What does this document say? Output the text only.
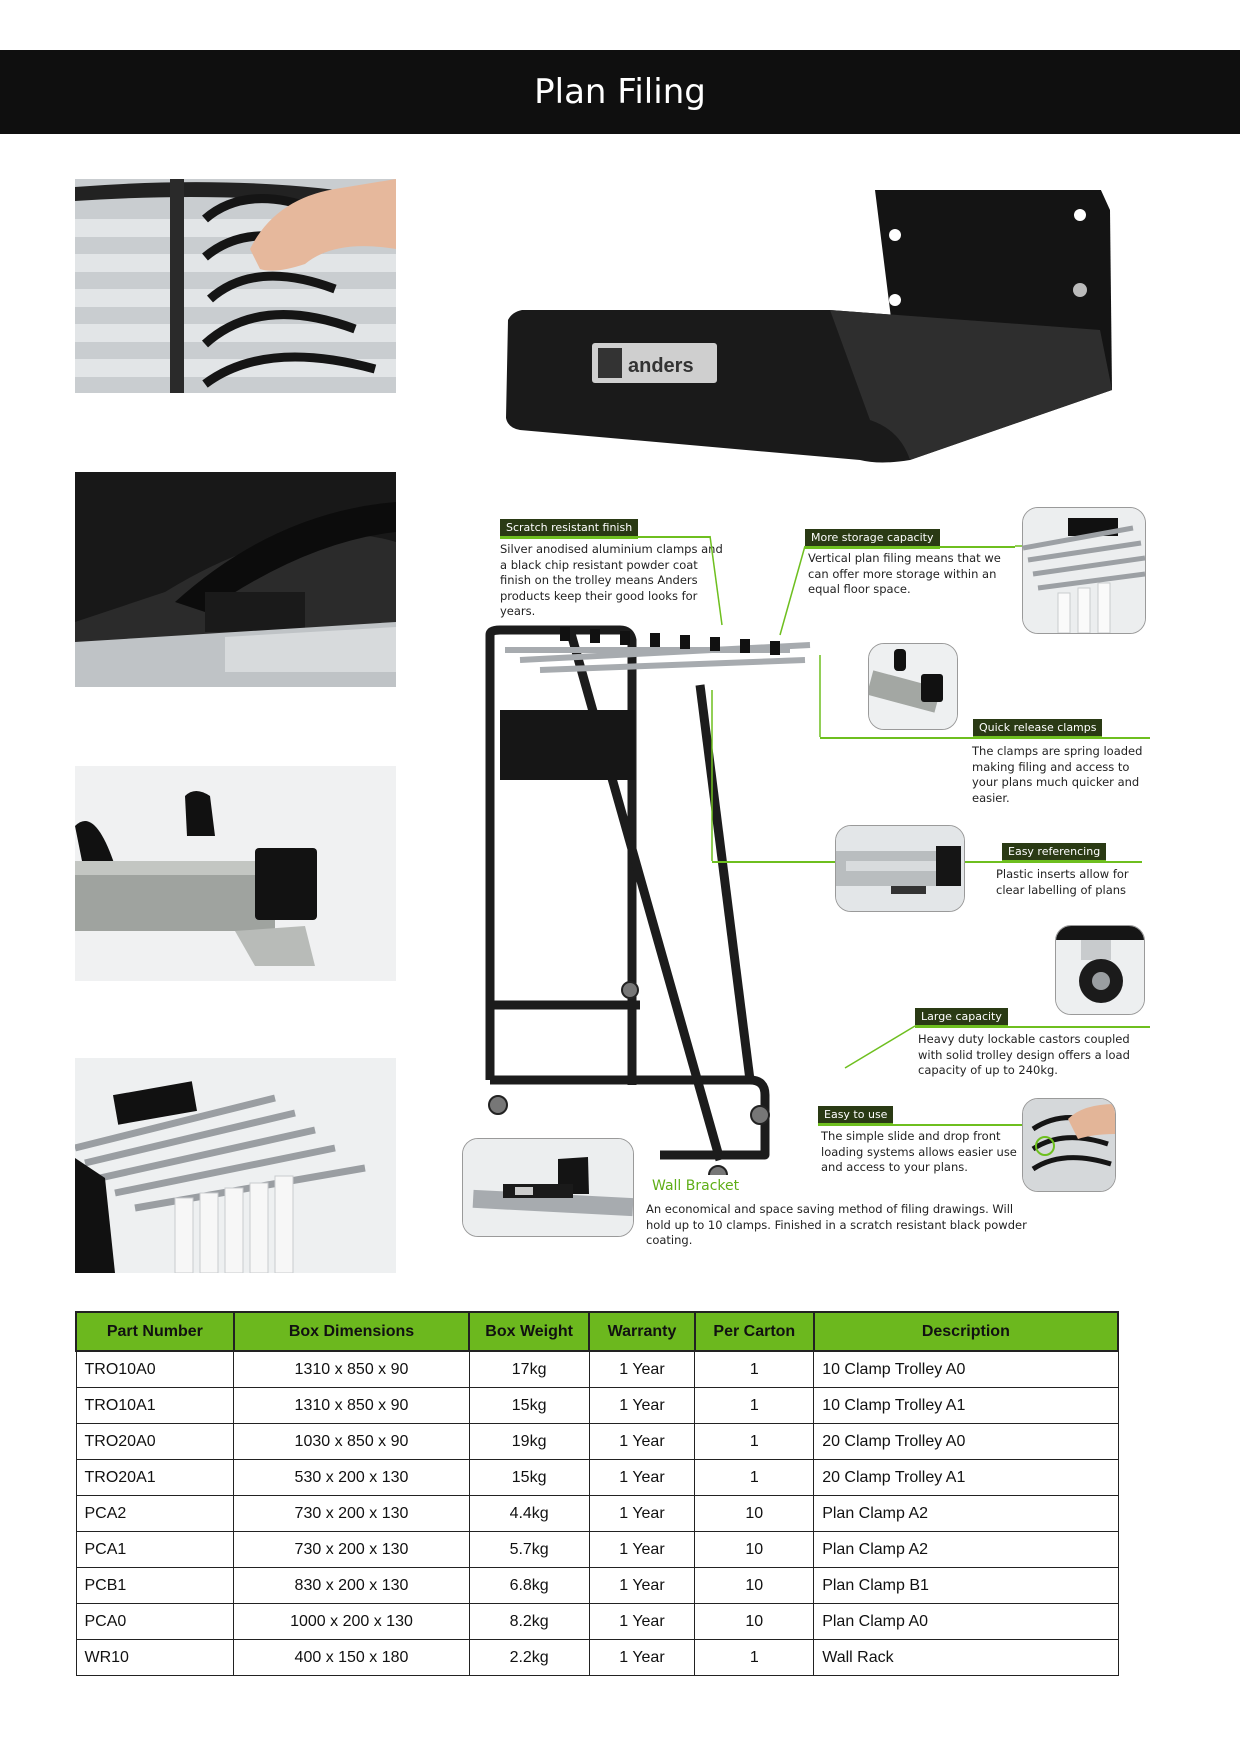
Plan Filing
anders
Scratch resistant finish
Silver anodised aluminium clamps and a black chip resistant powder coat finish on the trolley means Anders products keep their good looks for years.
More storage capacity
Vertical plan filing means that we can offer more storage within an equal floor space.
Quick release clamps
The clamps are spring loaded making filing and access to your plans much quicker and easier.
Easy referencing
Plastic inserts allow for clear labelling of plans
Large capacity
Heavy duty lockable castors coupled with solid trolley design offers a load capacity of up to 240kg.
Easy to use
The simple slide and drop front loading systems allows easier use and access to your plans.
Wall Bracket
An economical and space saving method of filing drawings. Will hold up to 10 clamps. Finished in a scratch resistant black powder coating.
Part Number	Box Dimensions	Box Weight	Warranty	Per Carton	Description
TRO10A0	1310 x 850 x 90	17kg	1 Year	1	10 Clamp Trolley A0
TRO10A1	1310 x 850 x 90	15kg	1 Year	1	10 Clamp Trolley A1
TRO20A0	1030 x 850 x 90	19kg	1 Year	1	20 Clamp Trolley A0
TRO20A1	530 x 200 x 130	15kg	1 Year	1	20 Clamp Trolley A1
PCA2	730 x 200 x 130	4.4kg	1 Year	10	Plan Clamp A2
PCA1	730 x 200 x 130	5.7kg	1 Year	10	Plan Clamp A2
PCB1	830 x 200 x 130	6.8kg	1 Year	10	Plan Clamp B1
PCA0	1000 x 200 x 130	8.2kg	1 Year	10	Plan Clamp A0
WR10	400 x 150 x 180	2.2kg	1 Year	1	Wall Rack
